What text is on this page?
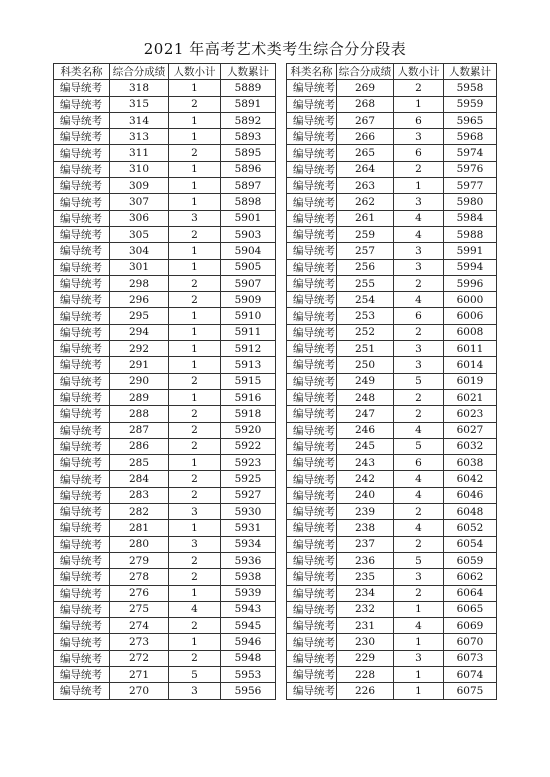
2021 年高考艺术类考生综合分分段表
科类名称	综合分成绩	人数小计	人数累计
编导统考	318	1	5889
编导统考	315	2	5891
编导统考	314	1	5892
编导统考	313	1	5893
编导统考	311	2	5895
编导统考	310	1	5896
编导统考	309	1	5897
编导统考	307	1	5898
编导统考	306	3	5901
编导统考	305	2	5903
编导统考	304	1	5904
编导统考	301	1	5905
编导统考	298	2	5907
编导统考	296	2	5909
编导统考	295	1	5910
编导统考	294	1	5911
编导统考	292	1	5912
编导统考	291	1	5913
编导统考	290	2	5915
编导统考	289	1	5916
编导统考	288	2	5918
编导统考	287	2	5920
编导统考	286	2	5922
编导统考	285	1	5923
编导统考	284	2	5925
编导统考	283	2	5927
编导统考	282	3	5930
编导统考	281	1	5931
编导统考	280	3	5934
编导统考	279	2	5936
编导统考	278	2	5938
编导统考	276	1	5939
编导统考	275	4	5943
编导统考	274	2	5945
编导统考	273	1	5946
编导统考	272	2	5948
编导统考	271	5	5953
编导统考	270	3	5956
科类名称	综合分成绩	人数小计	人数累计
编导统考	269	2	5958
编导统考	268	1	5959
编导统考	267	6	5965
编导统考	266	3	5968
编导统考	265	6	5974
编导统考	264	2	5976
编导统考	263	1	5977
编导统考	262	3	5980
编导统考	261	4	5984
编导统考	259	4	5988
编导统考	257	3	5991
编导统考	256	3	5994
编导统考	255	2	5996
编导统考	254	4	6000
编导统考	253	6	6006
编导统考	252	2	6008
编导统考	251	3	6011
编导统考	250	3	6014
编导统考	249	5	6019
编导统考	248	2	6021
编导统考	247	2	6023
编导统考	246	4	6027
编导统考	245	5	6032
编导统考	243	6	6038
编导统考	242	4	6042
编导统考	240	4	6046
编导统考	239	2	6048
编导统考	238	4	6052
编导统考	237	2	6054
编导统考	236	5	6059
编导统考	235	3	6062
编导统考	234	2	6064
编导统考	232	1	6065
编导统考	231	4	6069
编导统考	230	1	6070
编导统考	229	3	6073
编导统考	228	1	6074
编导统考	226	1	6075
